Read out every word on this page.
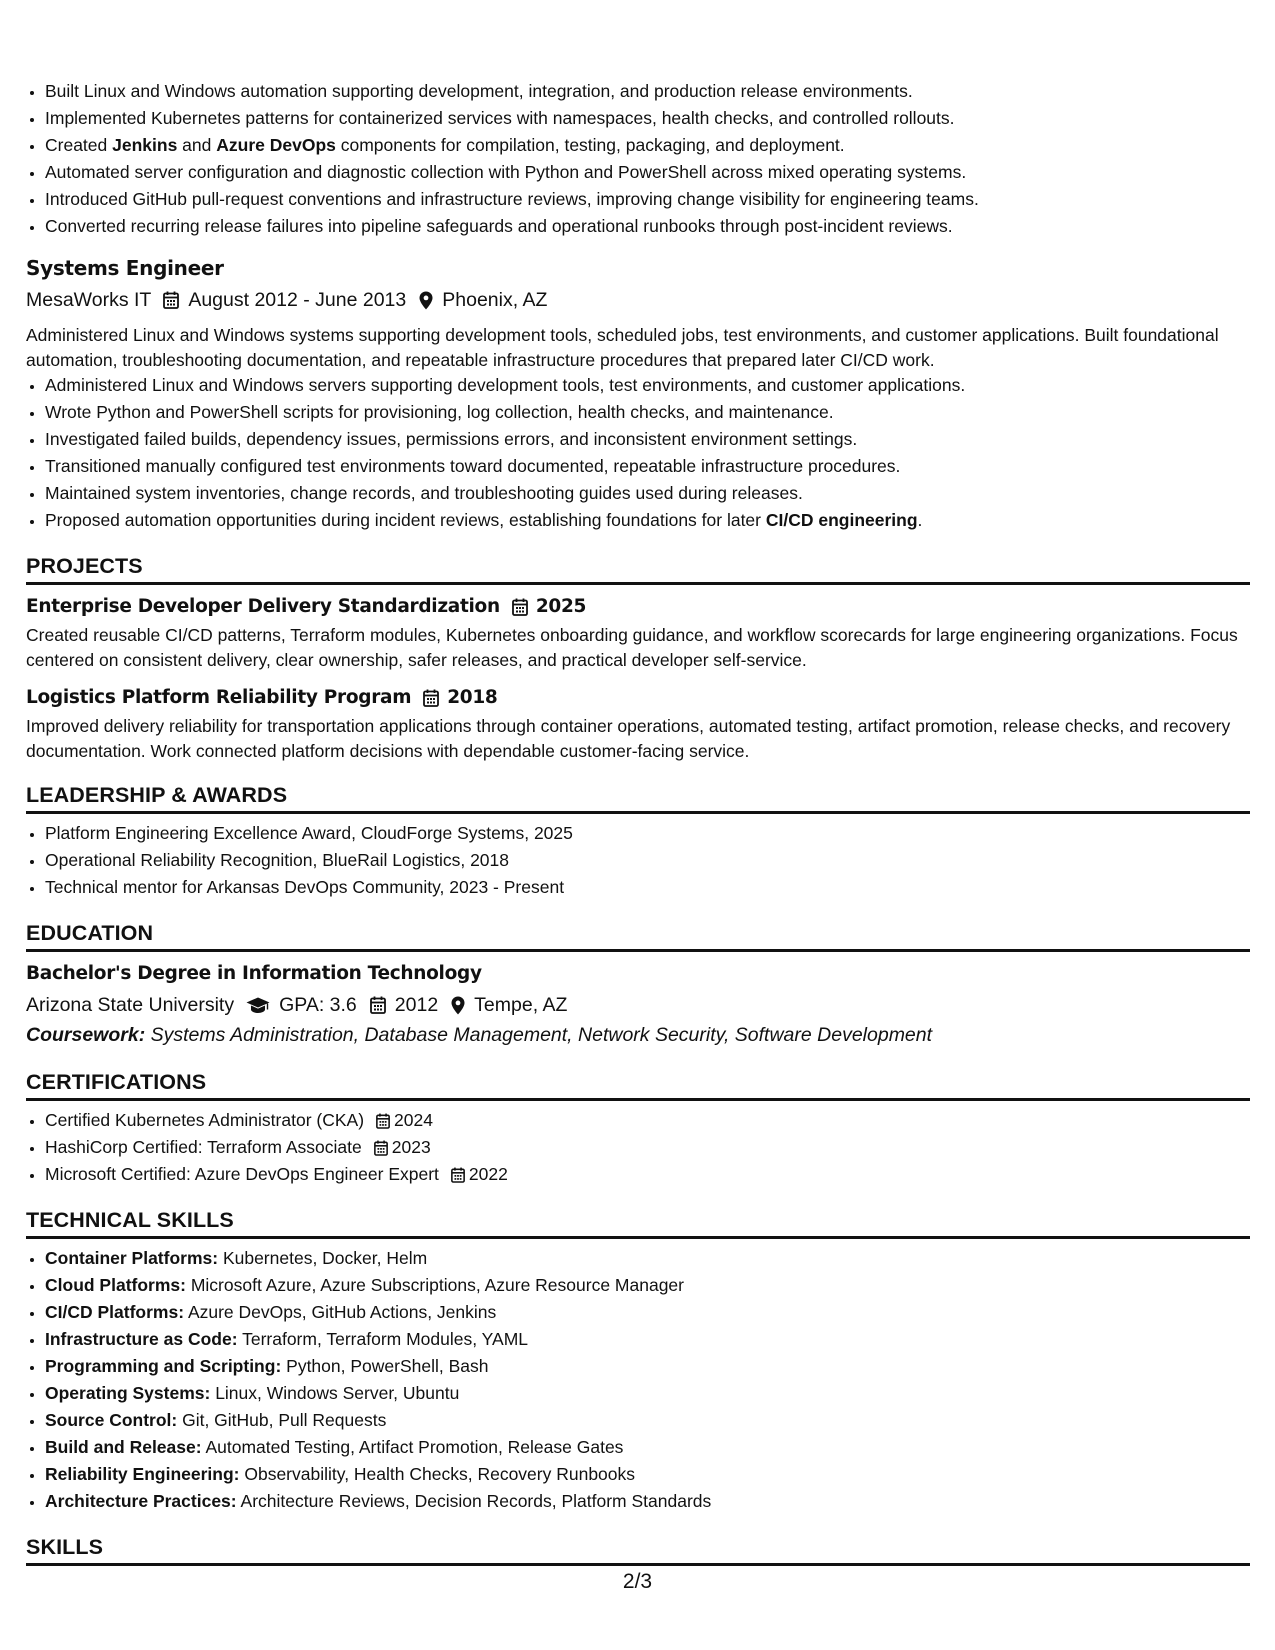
• Built Linux and Windows automation supporting development, integration, and production release environments.
• Implemented Kubernetes patterns for containerized services with namespaces, health checks, and controlled rollouts.
• Created Jenkins and Azure DevOps components for compilation, testing, packaging, and deployment.
• Automated server configuration and diagnostic collection with Python and PowerShell across mixed operating systems.
• Introduced GitHub pull-request conventions and infrastructure reviews, improving change visibility for engineering teams.
• Converted recurring release failures into pipeline safeguards and operational runbooks through post-incident reviews.
Systems Engineer
MesaWorks IT August 2012 - June 2013 Phoenix, AZ
Administered Linux and Windows systems supporting development tools, scheduled jobs, test environments, and customer applications. Built foundational automation, troubleshooting documentation, and repeatable infrastructure procedures that prepared later CI/CD work.
• Administered Linux and Windows servers supporting development tools, test environments, and customer applications.
• Wrote Python and PowerShell scripts for provisioning, log collection, health checks, and maintenance.
• Investigated failed builds, dependency issues, permissions errors, and inconsistent environment settings.
• Transitioned manually configured test environments toward documented, repeatable infrastructure procedures.
• Maintained system inventories, change records, and troubleshooting guides used during releases.
• Proposed automation opportunities during incident reviews, establishing foundations for later CI/CD engineering.
PROJECTS
Enterprise Developer Delivery Standardization 2025
Created reusable CI/CD patterns, Terraform modules, Kubernetes onboarding guidance, and workflow scorecards for large engineering organizations. Focus centered on consistent delivery, clear ownership, safer releases, and practical developer self-service.
Logistics Platform Reliability Program 2018
Improved delivery reliability for transportation applications through container operations, automated testing, artifact promotion, release checks, and recovery documentation. Work connected platform decisions with dependable customer-facing service.
LEADERSHIP & AWARDS
• Platform Engineering Excellence Award, CloudForge Systems, 2025
• Operational Reliability Recognition, BlueRail Logistics, 2018
• Technical mentor for Arkansas DevOps Community, 2023 - Present
EDUCATION
Bachelor's Degree in Information Technology
Arizona State University GPA: 3.6 2012 Tempe, AZ
Coursework: Systems Administration, Database Management, Network Security, Software Development
CERTIFICATIONS
• Certified Kubernetes Administrator (CKA) 2024
• HashiCorp Certified: Terraform Associate 2023
• Microsoft Certified: Azure DevOps Engineer Expert 2022
TECHNICAL SKILLS
• Container Platforms: Kubernetes, Docker, Helm
• Cloud Platforms: Microsoft Azure, Azure Subscriptions, Azure Resource Manager
• CI/CD Platforms: Azure DevOps, GitHub Actions, Jenkins
• Infrastructure as Code: Terraform, Terraform Modules, YAML
• Programming and Scripting: Python, PowerShell, Bash
• Operating Systems: Linux, Windows Server, Ubuntu
• Source Control: Git, GitHub, Pull Requests
• Build and Release: Automated Testing, Artifact Promotion, Release Gates
• Reliability Engineering: Observability, Health Checks, Recovery Runbooks
• Architecture Practices: Architecture Reviews, Decision Records, Platform Standards
SKILLS
2/3
